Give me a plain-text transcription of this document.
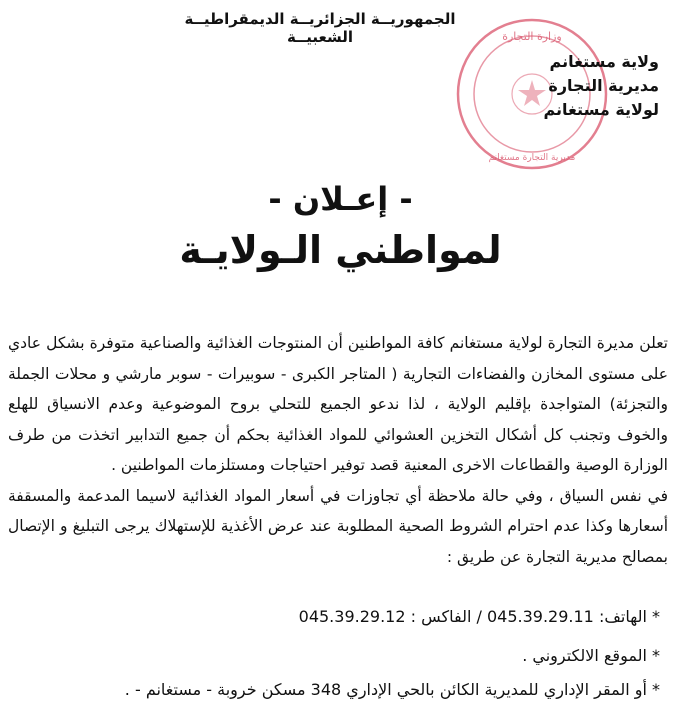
الجمهوريــة الجزائريــة الديمقراطيــة الشعبيــة	وزارة التجارة
مديرية التجارة مستغانم
ولاية مستغانم
مديرية التجارة
لولاية مستغانم
- إعـلان -
لمواطني الـولايـة

تعلن مديرة التجارة لولاية مستغانم كافة المواطنين أن المنتوجات الغذائية والصناعية متوفرة بشكل عادي على مستوى المخازن والفضاءات التجارية ( المتاجر الكبرى - سوبيرات - سوبر مارشي و محلات الجملة والتجزئة) المتواجدة بإقليم الولاية ، لذا ندعو الجميع للتحلي بروح الموضوعية وعدم الانسياق للهلع والخوف وتجنب كل أشكال التخزين العشوائي للمواد الغذائية بحكم أن جميع التدابير اتخذت من طرف الوزارة الوصية والقطاعات الاخرى المعنية قصد توفير احتياجات ومستلزمات المواطنين .

في نفس السياق ، وفي حالة ملاحظة أي تجاوزات في أسعار المواد الغذائية لاسيما المدعمة والمسقفة أسعارها وكذا عدم احترام الشروط الصحية المطلوبة عند عرض الأغذية للإستهلاك يرجى التبليغ و الإتصال بمصالح مديرية التجارة عن طريق :

* الهاتف: 045.39.29.11 / الفاكس : 045.39.29.12
* الموقع الالكتروني .
* أو المقر الإداري للمديرية الكائن بالحي الإداري 348 مسكن خروبة - مستغانم - .
